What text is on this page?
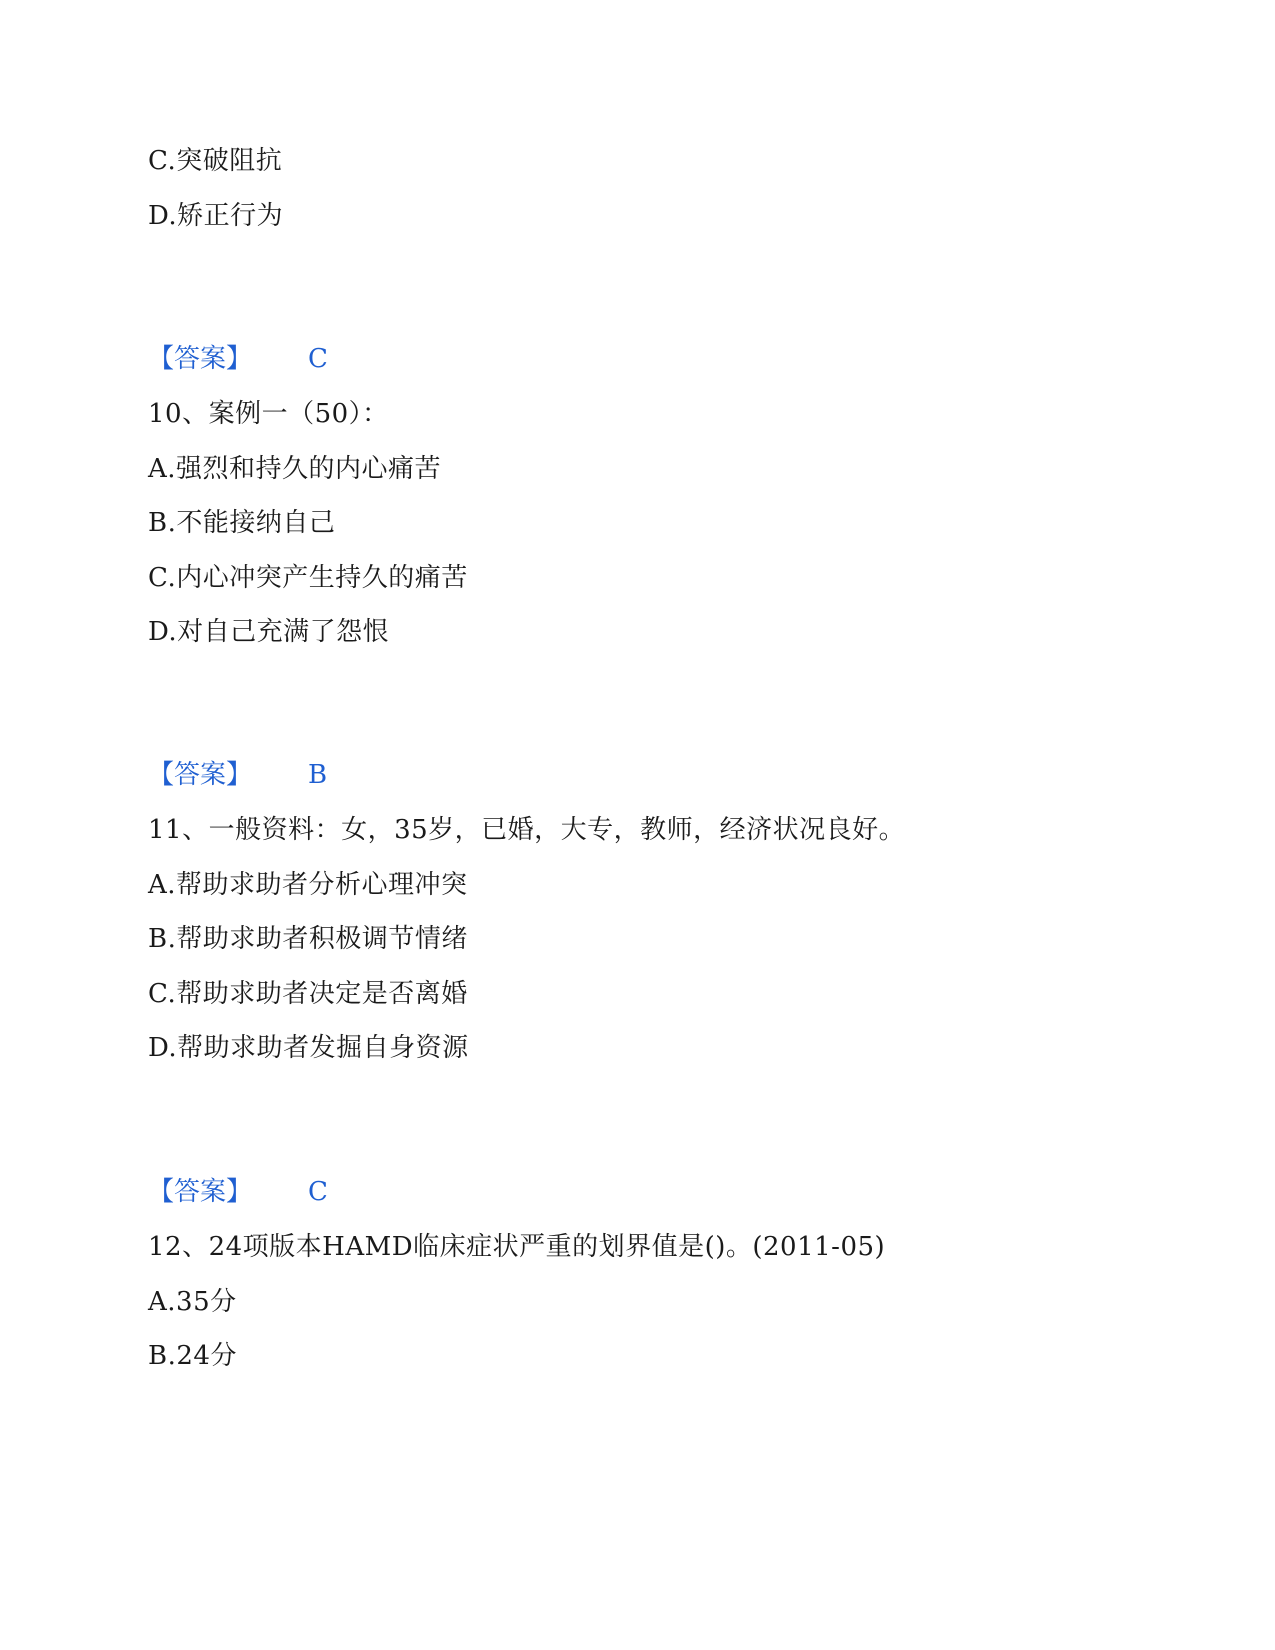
C.突破阻抗
D.矫正行为
【答案】 C
10、案例一（50）：
A.强烈和持久的内心痛苦
B.不能接纳自己
C.内心冲突产生持久的痛苦
D.对自己充满了怨恨
【答案】 B
11、一般资料：女，35岁，已婚，大专，教师，经济状况良好。
A.帮助求助者分析心理冲突
B.帮助求助者积极调节情绪
C.帮助求助者决定是否离婚
D.帮助求助者发掘自身资源
【答案】 C
12、24项版本HAMD临床症状严重的划界值是()。(2011-05)
A.35分
B.24分
